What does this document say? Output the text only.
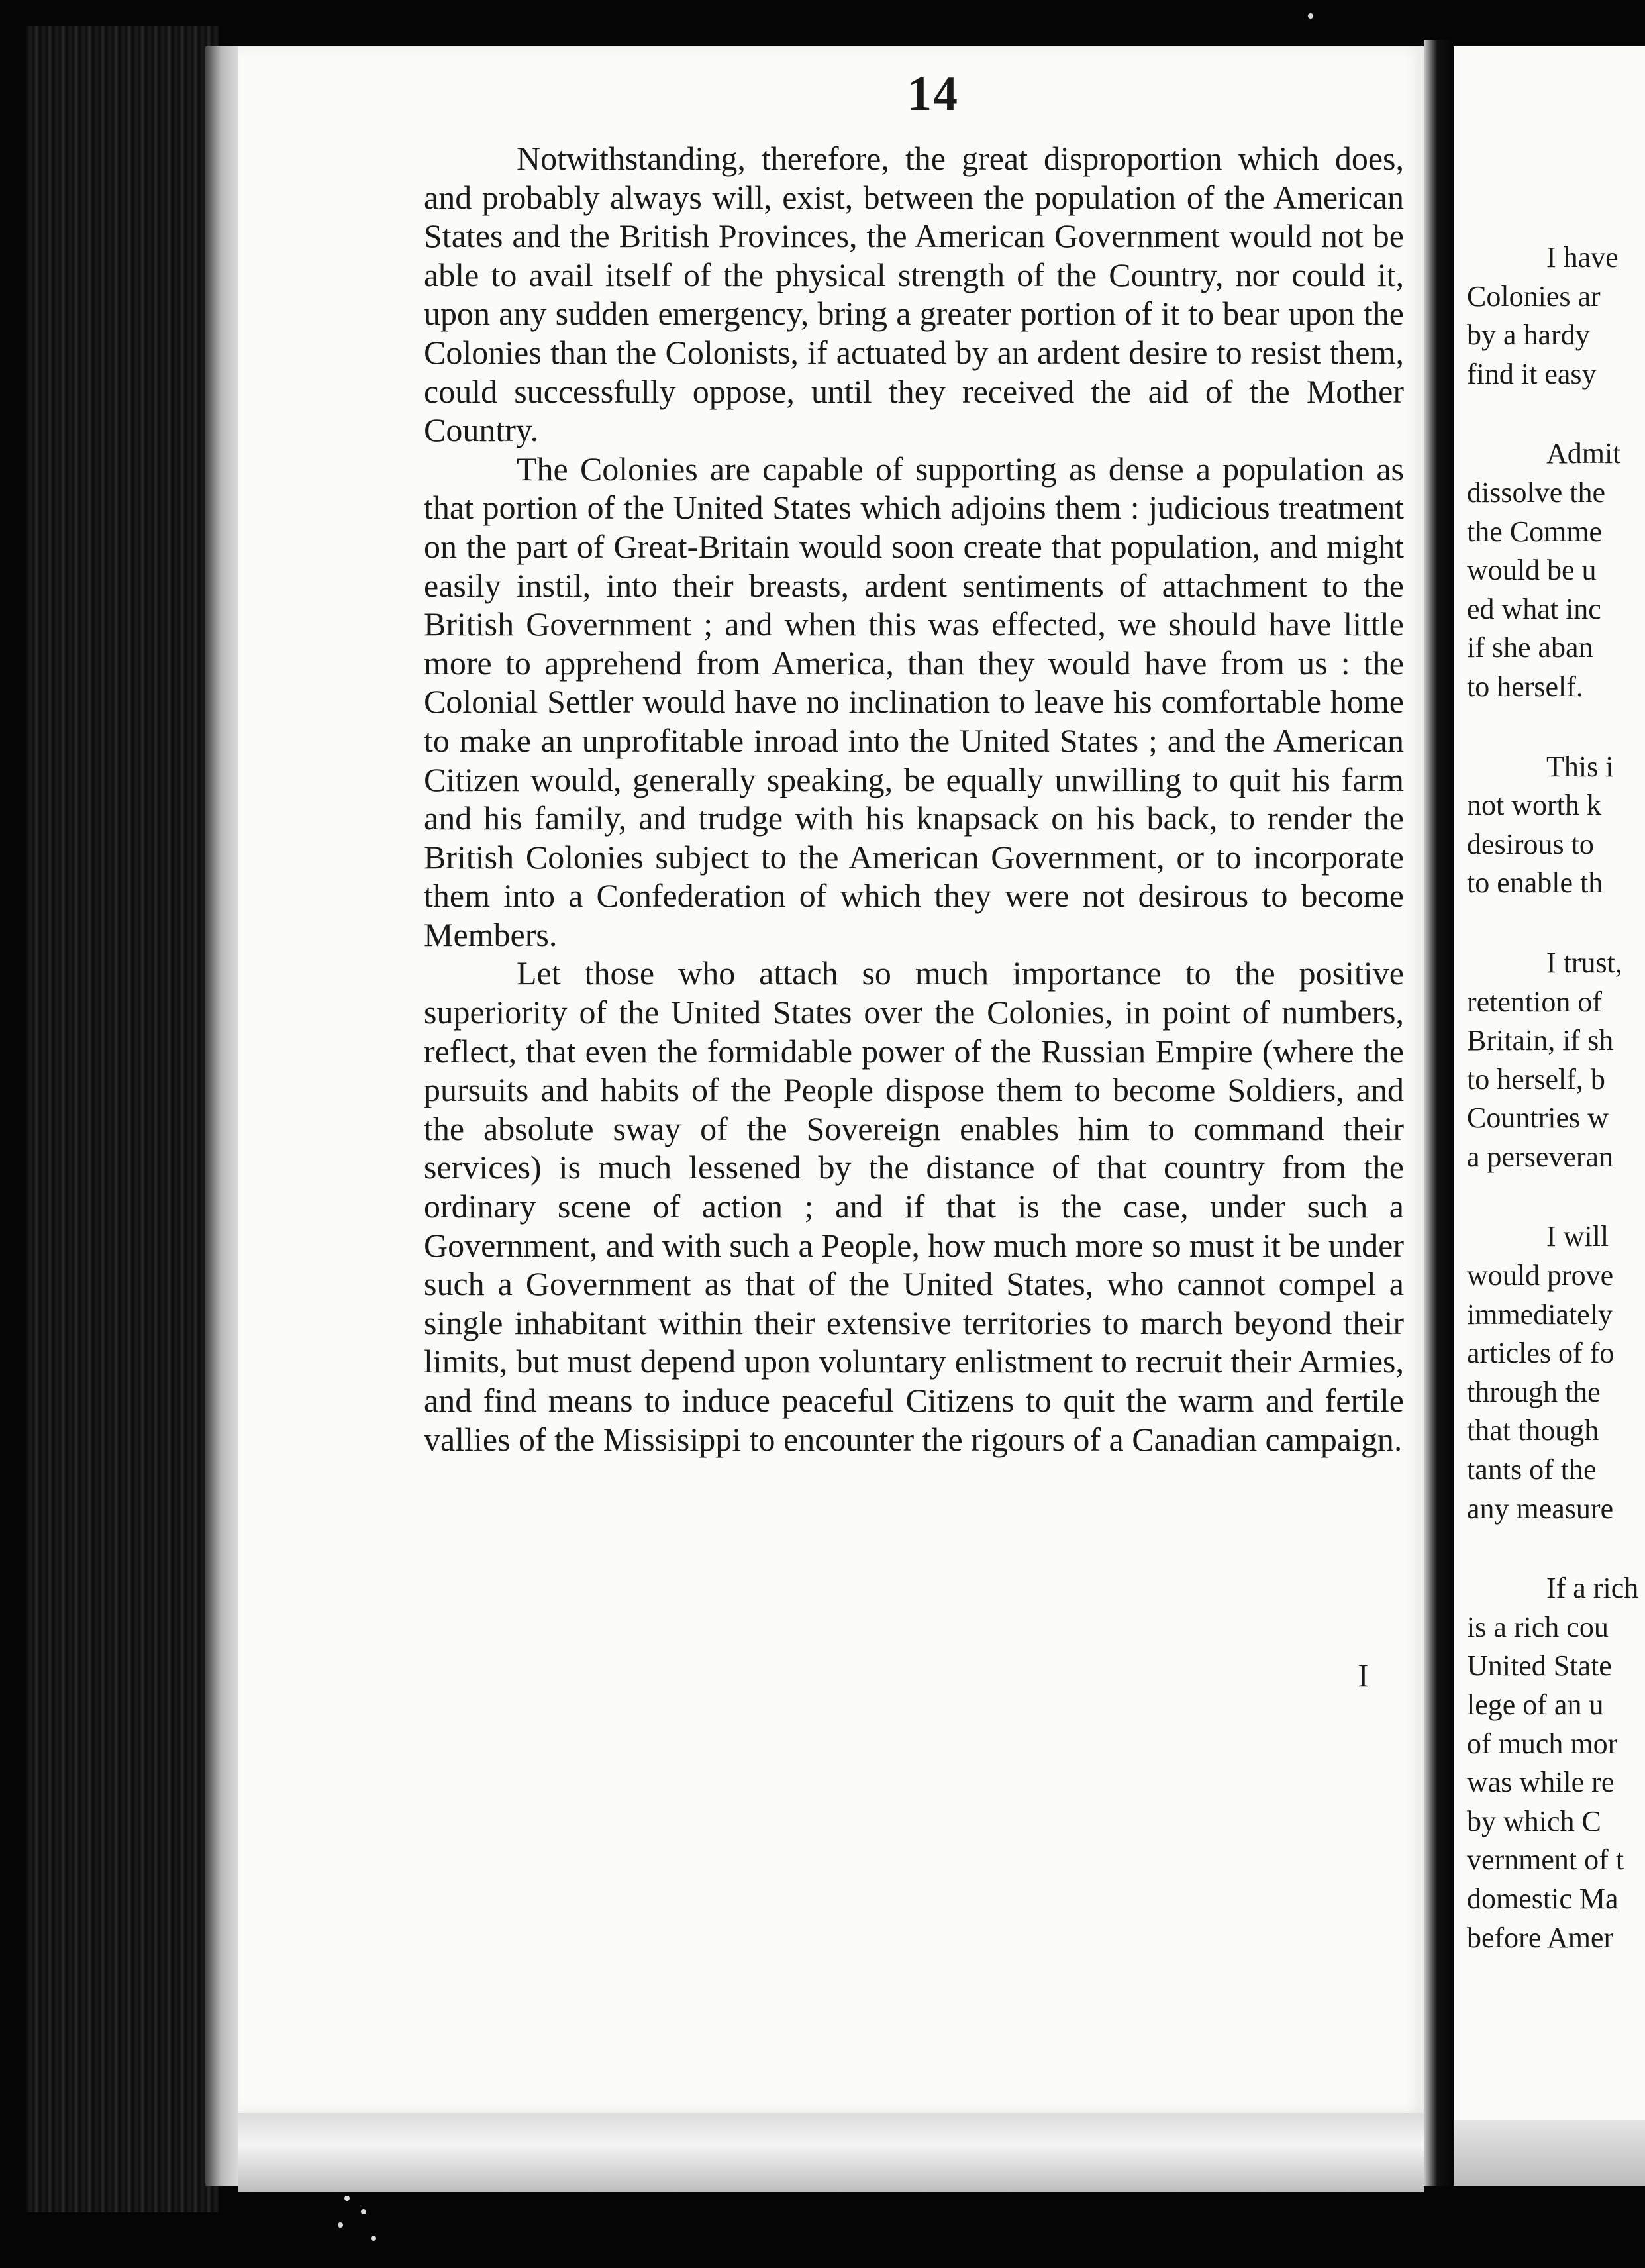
14

Notwithstanding, therefore, the great disproportion which does, and probably always will, exist, between the population of the American States and the British Provinces, the American Government would not be able to avail itself of the physical strength of the Country, nor could it, upon any sudden emergency, bring a greater portion of it to bear upon the Colonies than the Colonists, if actuated by an ardent desire to resist them, could successfully oppose, until they received the aid of the Mother Country.

The Colonies are capable of supporting as dense a population as that portion of the United States which adjoins them : judicious treatment on the part of Great-Britain would soon create that population, and might easily instil, into their breasts, ardent sentiments of attachment to the British Government ; and when this was effected, we should have little more to apprehend from America, than they would have from us : the Colonial Settler would have no inclination to leave his comfortable home to make an unprofitable inroad into the United States ; and the American Citizen would, generally speaking, be equally unwilling to quit his farm and his family, and trudge with his knapsack on his back, to render the British Colonies subject to the American Government, or to incorporate them into a Confederation of which they were not desirous to become Members.

Let those who attach so much importance to the positive superiority of the United States over the Colonies, in point of numbers, reflect, that even the formidable power of the Russian Empire (where the pursuits and habits of the People dispose them to become Soldiers, and the absolute sway of the Sovereign enables him to command their services) is much lessened by the distance of that country from the ordinary scene of action ; and if that is the case, under such a Government, and with such a People, how much more so must it be under such a Government as that of the United States, who cannot compel a single inhabitant within their extensive territories to march beyond their limits, but must depend upon voluntary enlistment to recruit their Armies, and find means to induce peaceful Citizens to quit the warm and fertile vallies of the Missisippi to encounter the rigours of a Canadian campaign.

I
I have
Colonies ar
by a hardy
find it easy
Admit
dissolve the
the Comme
would be u
ed what inc
if she aban
to herself.
This i
not worth k
desirous to
to enable th
I trust,
retention of
Britain, if sh
to herself, b
Countries w
a perseveran
I will
would prove
immediately
articles of fo
through the
that though
tants of the
any measure
If a rich
is a rich cou
United State
lege of an u
of much mor
was while re
by which C
vernment of t
domestic Ma
before Amer
